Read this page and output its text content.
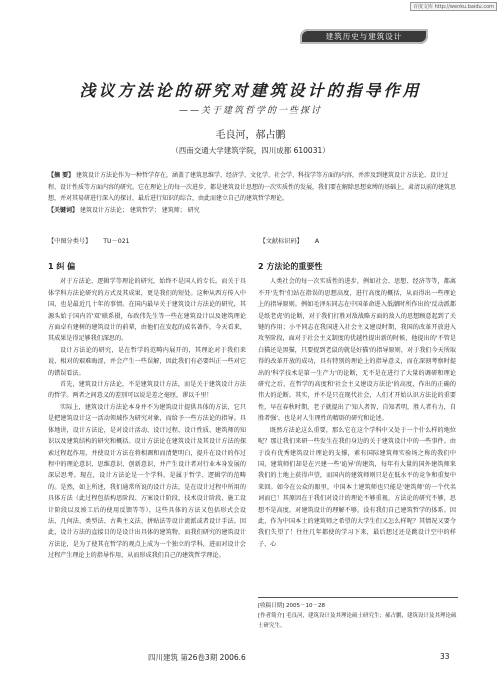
百度文库 http://wenku.baidu.com
建筑历史与建筑设计
浅议方法论的研究对建筑设计的指导作用
——关于建筑哲学的一些探讨
毛良河，郝占鹏
（西南交通大学建筑学院，四川成都 610031）
【摘 要】 建筑设计方法论作为一种哲学存在，涵盖了建筑思维学、经济学、文化学、社会学、科技学等方面的内容，并涉及到建筑设计方法论、设计过程、设计性质等方面内容的研究。它在理论上的每一次进步，都是建筑设计思想的一次实质性的发展，我们要在解除思想束缚的基础上，肃清以前的建筑思想，并对其易研进行深入的探讨，最后进行知识的综合，由此而建立自己的建筑哲学理论。
【关键词】 建筑设计方法论； 建筑哲学； 建筑师； 研究
【中图分类号】 TU－021	【文献标识码】 A
1 纠 偏

对于方法论、逻辑学等理论的研究，始终不是国人的专长。而关于具体学科方法论研究的方式及其成果，更是我们的短处。这种从西方传入中国，也是最近几十年的事情。在国内最早关于建筑设计方法论的研究，其源头始于国内首'双'联系摄，布政伟先生等一些在建筑设计以及建筑理论方面卓有建树的建筑设计的前辈，由他们在发起的成名著作，今天看来，其成果是得足够我们深思的。

设计方法论的研究，是在哲学的范畴内展开的，其理论对于我们来说，相对的艰难晦涩，并会产生一些误解，因此我们有必要纠正一些对它的错误看法。

首先，建筑设计方法论，不是建筑设计方法，而是关于建筑设计方法的哲学。两者之间意义的差别可以说是差之毫厘，谬以千里！

实际上，建筑设计方法论本身并不为建筑设计提供具体的方法，它只是把建筑设计这一活动领域作为研究对象，而给予一些方法论的指导。具体地讲，设计方法论，是对设计活动、设计过程、设计性质、建筑师的知识以及建筑结构的研究和概括。设计方法论在建筑设计及其设计方法的探索过程起作用，并使设计方法在将相调和而清楚明白，提升在设计的作过程中的理论意识、思维意识、创新意识，并产生设计者对行业本身发展的深层思考。现在，设计方法论是一个学科，是属于哲学、逻辑学的范畴的。是然，如上所述，我们通常所说的设计方法，是在设计过程中所用的具体方法（此过程包括构思阶段、方案设计阶段、技术设计阶段、施工设计阶段以及竣工后的使用反馈等等），这些具体的方法又包括形式会设法、几何法、类型法、古典主义法、拼贴法等设计流派或者设计手法。因此，设计方法的直接目的是设计出具体的建筑物，而我们研究的建筑设计方法论，是为了使其在哲学的观点上成为一个独立的学科，进而对设计会过程产生理论上的指导作用，从而形成我们自己的建筑哲学理论。

2 方法论的重要性

人类社会的每一次实质性的进步，例如社会、思想、经济等等，都离不开'先哲'们站在指误的思想高度，进行高度的概括，从而得出一些理论上的指导原则。例如毛泽东同志在中国革命进入低潮时所作出的'反动派都是纸老虎'的论断，对于我们打胜对敌战略方面的敌人的思想顾意起到了关键的作用；小平同志在我国进入社会主义建设时期，我国的改革开放进入攻坚阶段，面对于社会主义制度的优越性提出新的时候，他提出的'不管是白猫还是黑猫，只要捉到老鼠的就是好猫'的指导原则，对于我们今天所取得的改革开放的成功，具有特别的理论上的指导意义，而在深刻考察时提出的'科学技术是第一生产力'的论断，无不是在进行了大量的调研和理论研究之后，在哲学的高度和'社会主义建设方法论'的高度，作出的正确的伟大的论断。其实，并不是只在现代社会，人们才开始认识方法论的重要性，早在春秋时期，老子就提出了'知人者智，自知者明，胜人者有力，自胜者强'，也是对人生理性的精辟的研究和论述。

既然方法论这么重要，那么它在这个学科中又处于一个什么样的地位呢？那让我们来研一些发生在我们身边的关于建筑设计中的一些事件。由于没有优秀建筑设计理论的支撑，素有国际建筑师实验场之称的我们中国，建筑师们却是在兴建一些'诡异'的建筑，每年有大量的国外建筑师来我们的土地上获得声望，而国内的建筑师则只是在低水平的竞争和重复中来回。如今在公众的眼里，中国本土建筑师也只能是'建筑师'的一个代名词而已！其原因在于我们对设计的理论不够重视，方法论的研究不够，思想不是高度，对建筑设计的理解不够，没有我们自己建筑哲学的体系。因此，作为中国本土的建筑师之希望的大学生们又怎么样呢？其情况又要令我们失望了！往往几年都使的学习下来，最后想过还是跳设计空中的样子，心

[收稿日期] 2005－10－28
[作者简介] 毛良河，建筑设计及其理论硕士研究生；郝占鹏，建筑设计及其理论硕士研究生。
四川建筑 第26卷3期 2006.6	33
